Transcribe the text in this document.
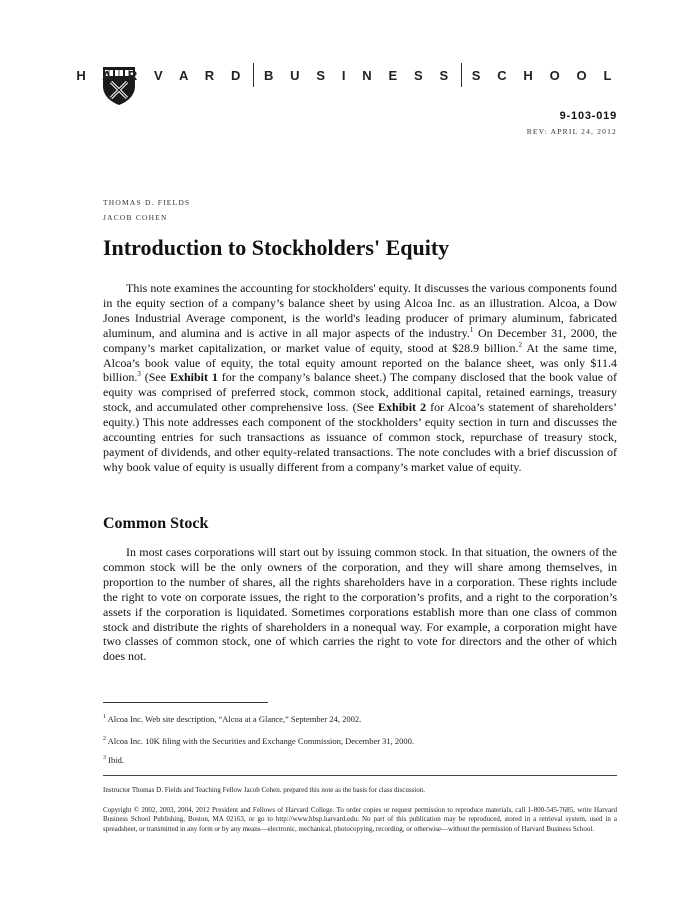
H A R V A R D B U S I N E S S S C H O O L
9-103-019
REV: APRIL 24, 2012
THOMAS D. FIELDS
JACOB COHEN
Introduction to Stockholders' Equity

This note examines the accounting for stockholders' equity. It discusses the various components found in the equity section of a company’s balance sheet by using Alcoa Inc. as an illustration. Alcoa, a Dow Jones Industrial Average component, is the world's leading producer of primary aluminum, fabricated aluminum, and alumina and is active in all major aspects of the industry.$^1$ On December 31, 2000, the company’s market capitalization, or market value of equity, stood at $28.9 billion.$^2$ At the same time, Alcoa’s book value of equity, the total equity amount reported on the balance sheet, was only $11.4 billion.$^3$ (See Exhibit 1 for the company’s balance sheet.) The company disclosed that the book value of equity was comprised of preferred stock, common stock, additional capital, retained earnings, treasury stock, and accumulated other comprehensive loss. (See Exhibit 2 for Alcoa’s statement of shareholders’ equity.) This note addresses each component of the stockholders’ equity section in turn and discusses the accounting entries for such transactions as issuance of common stock, repurchase of treasury stock, payment of dividends, and other equity-related transactions. The note concludes with a brief discussion of why book value of equity is usually different from a company’s market value of equity.

Common Stock

In most cases corporations will start out by issuing common stock. In that situation, the owners of the common stock will be the only owners of the corporation, and they will share among themselves, in proportion to the number of shares, all the rights shareholders have in a corporation. These rights include the right to vote on corporate issues, the right to the corporation’s profits, and a right to the corporation’s assets if the corporation is liquidated. Sometimes corporations establish more than one class of common stock and distribute the rights of shareholders in a nonequal way. For example, a corporation might have two classes of common stock, one of which carries the right to vote for directors and the other of which does not.

$^1$ Alcoa Inc. Web site description, “Alcoa at a Glance,” September 24, 2002.
$^2$ Alcoa Inc. 10K filing with the Securities and Exchange Commission, December 31, 2000.
$^3$ Ibid.
Instructor Thomas D. Fields and Teaching Fellow Jacob Cohen. prepared this note as the basis for class discussion.

Copyright © 2002, 2003, 2004, 2012 President and Fellows of Harvard College. To order copies or request permission to reproduce materials, call 1-800-545-7685, write Harvard Business School Publishing, Boston, MA 02163, or go to http://www.hbsp.harvard.edu. No part of this publication may be reproduced, stored in a retrieval system, used in a spreadsheet, or transmitted in any form or by any means—electronic, mechanical, photocopying, recording, or otherwise—without the permission of Harvard Business School.
